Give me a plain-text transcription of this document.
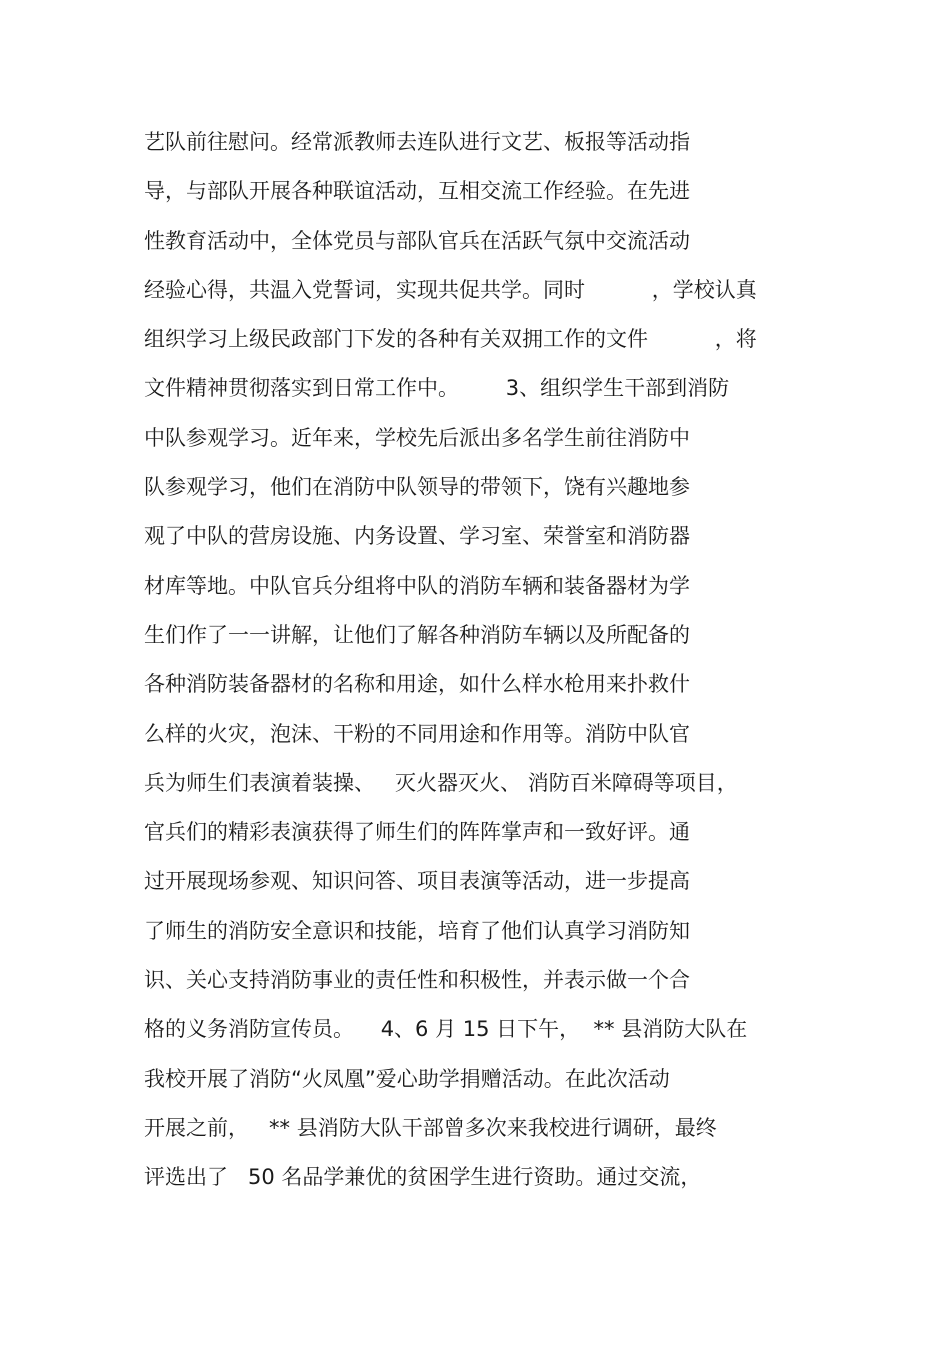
艺队前往慰问。经常派教师去连队进行文艺、板报等活动指
导，与部队开展各种联谊活动，互相交流工作经验。在先进
性教育活动中，全体党员与部队官兵在活跃气氛中交流活动
经验心得，共温入党誓词，实现共促共学。同时          ，学校认真
组织学习上级民政部门下发的各种有关双拥工作的文件          ，将
文件精神贯彻落实到日常工作中。       3、组织学生干部到消防
中队参观学习。近年来，学校先后派出多名学生前往消防中
队参观学习，他们在消防中队领导的带领下，饶有兴趣地参
观了中队的营房设施、内务设置、学习室、荣誉室和消防器
材库等地。中队官兵分组将中队的消防车辆和装备器材为学
生们作了一一讲解，让他们了解各种消防车辆以及所配备的
各种消防装备器材的名称和用途，如什么样水枪用来扑救什
么样的火灾，泡沫、干粉的不同用途和作用等。消防中队官
兵为师生们表演着装操、   灭火器灭火、 消防百米障碍等项目，
官兵们的精彩表演获得了师生们的阵阵掌声和一致好评。通
过开展现场参观、知识问答、项目表演等活动，进一步提高
了师生的消防安全意识和技能，培育了他们认真学习消防知
识、关心支持消防事业的责任性和积极性，并表示做一个合
格的义务消防宣传员。    4、6 月 15 日下午，  ** 县消防大队在
我校开展了消防“火凤凰”爱心助学捐赠活动。在此次活动
开展之前，   ** 县消防大队干部曾多次来我校进行调研，最终
评选出了   50 名品学兼优的贫困学生进行资助。通过交流，
